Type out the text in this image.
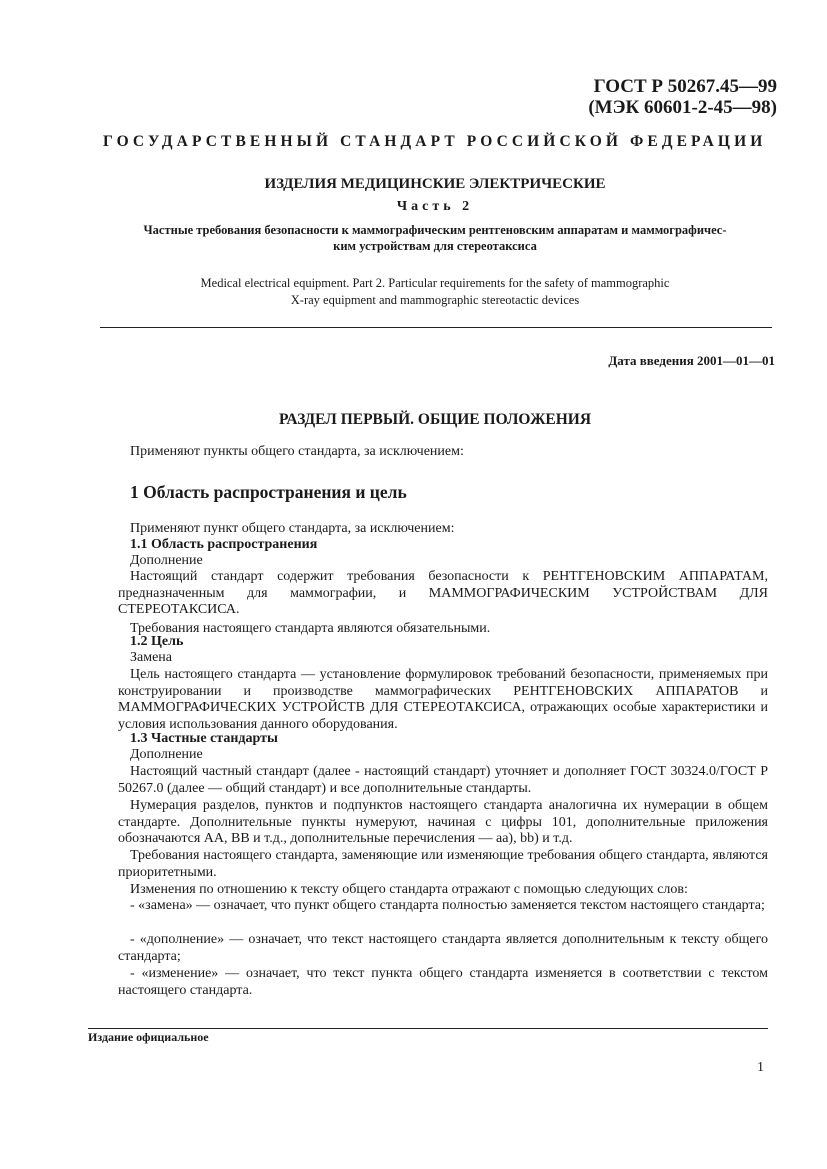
ГОСТ Р 50267.45—99
(МЭК 60601-2-45—98)
ГОСУДАРСТВЕННЫЙ СТАНДАРТ РОССИЙСКОЙ ФЕДЕРАЦИИ
ИЗДЕЛИЯ МЕДИЦИНСКИЕ ЭЛЕКТРИЧЕСКИЕ
Часть 2
Частные требования безопасности к маммографическим рентгеновским аппаратам и маммографичес-
ким устройствам для стереотаксиса
Medical electrical equipment. Part 2. Particular requirements for the safety of mammographic
X-ray equipment and mammographic stereotactic devices
Дата введения 2001—01—01
РАЗДЕЛ ПЕРВЫЙ. ОБЩИЕ ПОЛОЖЕНИЯ
Применяют пункты общего стандарта, за исключением:
1 Область распространения и цель
Применяют пункт общего стандарта, за исключением:
1.1 Область распространения
Дополнение
Настоящий стандарт содержит требования безопасности к РЕНТГЕНОВСКИМ АППАРАТАМ, предназначенным для маммографии, и МАММОГРАФИЧЕСКИМ УСТРОЙСТВАМ ДЛЯ СТЕРЕОТАКСИСА.
Требования настоящего стандарта являются обязательными.
1.2 Цель
Замена
Цель настоящего стандарта — установление формулировок требований безопасности, применяемых при конструировании и производстве маммографических РЕНТГЕНОВСКИХ АППАРАТОВ и МАММОГРАФИЧЕСКИХ УСТРОЙСТВ ДЛЯ СТЕРЕОТАКСИСА, отражающих особые характеристики и условия использования данного оборудования.
1.3 Частные стандарты
Дополнение
Настоящий частный стандарт (далее - настоящий стандарт) уточняет и дополняет ГОСТ 30324.0/ГОСТ Р 50267.0 (далее — общий стандарт) и все дополнительные стандарты.
Нумерация разделов, пунктов и подпунктов настоящего стандарта аналогична их нумерации в общем стандарте. Дополнительные пункты нумеруют, начиная с цифры 101, дополнительные приложения обозначаются AA, BB и т.д., дополнительные перечисления — аа), bb) и т.д.
Требования настоящего стандарта, заменяющие или изменяющие требования общего стандарта, являются приоритетными.
Изменения по отношению к тексту общего стандарта отражают с помощью следующих слов:
- «замена» — означает, что пункт общего стандарта полностью заменяется текстом настоящего стандарта;
- «дополнение» — означает, что текст настоящего стандарта является дополнительным к тексту общего стандарта;
- «изменение» — означает, что текст пункта общего стандарта изменяется в соответствии с текстом настоящего стандарта.
Издание официальное
1
